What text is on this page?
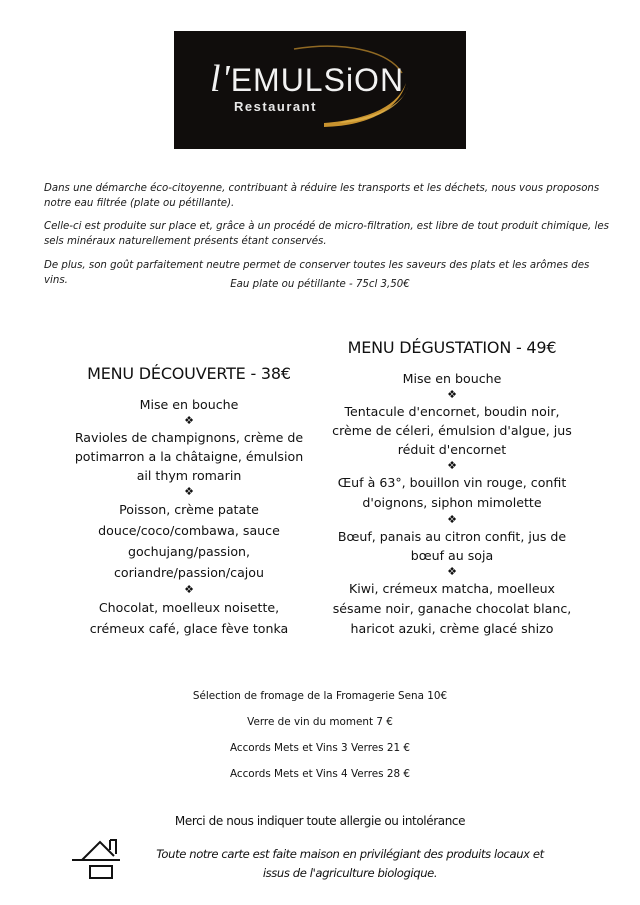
l'EMULSiON
Restaurant

Dans une démarche éco-citoyenne, contribuant à réduire les transports et les déchets, nous vous proposons notre eau filtrée (plate ou pétillante).

Celle-ci est produite sur place et, grâce à un procédé de micro-filtration, est libre de tout produit chimique, les sels minéraux naturellement présents étant conservés.

De plus, son goût parfaitement neutre permet de conserver toutes les saveurs des plats et les arômes des vins.	Eau plate ou pétillante - 75cl 3,50€
MENU DÉCOUVERTE - 38€

Mise en bouche

❖

Ravioles de champignons, crème de potimarron a la châtaigne, émulsion ail thym romarin

❖

Poisson, crème patate douce/coco/combawa, sauce gochujang/passion, coriandre/passion/cajou

❖

Chocolat, moelleux noisette, crémeux café, glace fève tonka

MENU DÉGUSTATION - 49€

Mise en bouche

❖

Tentacule d'encornet, boudin noir, crème de céleri, émulsion d'algue, jus réduit d'encornet

❖

Œuf à 63°, bouillon vin rouge, confit d'oignons, siphon mimolette

❖

Bœuf, panais au citron confit, jus de bœuf au soja

❖

Kiwi, crémeux matcha, moelleux sésame noir, ganache chocolat blanc, haricot azuki, crème glacé shizo

Sélection de fromage de la Fromagerie Sena 10€
Verre de vin du moment 7 €
Accords Mets et Vins 3 Verres 21 €
Accords Mets et Vins 4 Verres 28 €
Merci de nous indiquer toute allergie ou intolérance
Toute notre carte est faite maison en privilégiant des produits locaux et
issus de l'agriculture biologique.
